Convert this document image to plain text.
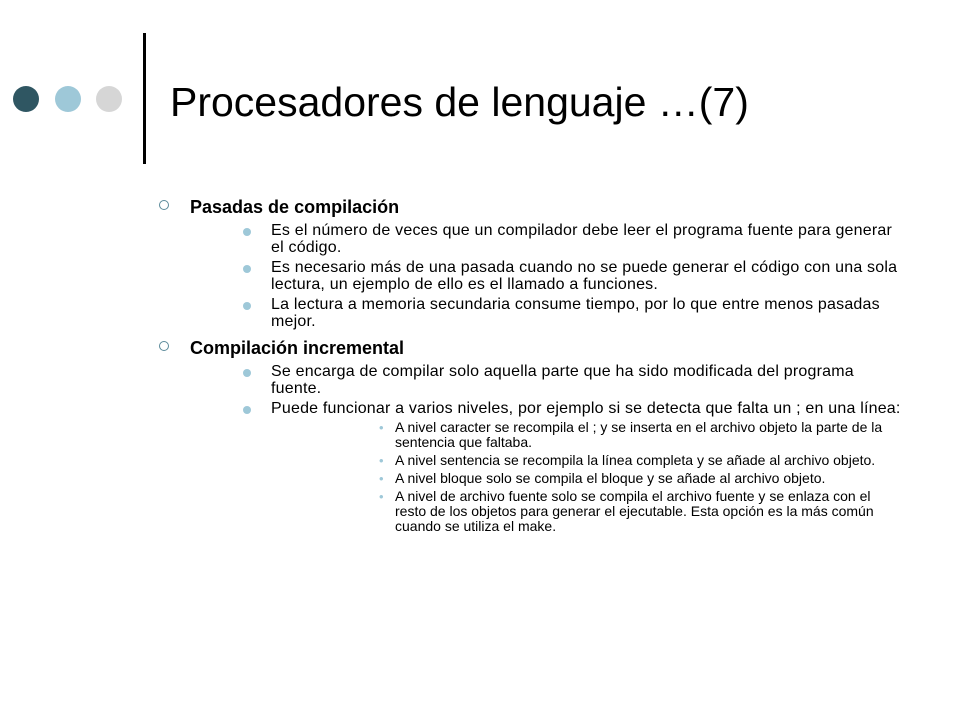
Procesadores de lenguaje …(7)
Pasadas de compilación
Es el número de veces que un compilador debe leer el programa fuente para generar el código.
Es necesario más de una pasada cuando no se puede generar el código con una sola lectura, un ejemplo de ello es el llamado a funciones.
La lectura a memoria secundaria consume tiempo, por lo que entre menos pasadas mejor.
Compilación incremental
Se encarga de compilar solo aquella parte que ha sido modificada del programa fuente.
Puede funcionar a varios niveles, por ejemplo si se detecta que falta un ; en una línea:
• A nivel caracter se recompila el ; y se inserta en el archivo objeto la parte de la sentencia que faltaba.
• A nivel sentencia se recompila la línea completa y se añade al archivo objeto.
• A nivel bloque solo se compila el bloque y se añade al archivo objeto.
• A nivel de archivo fuente solo se compila el archivo fuente y se enlaza con el resto de los objetos para generar el ejecutable. Esta opción es la más común cuando se utiliza el make.
